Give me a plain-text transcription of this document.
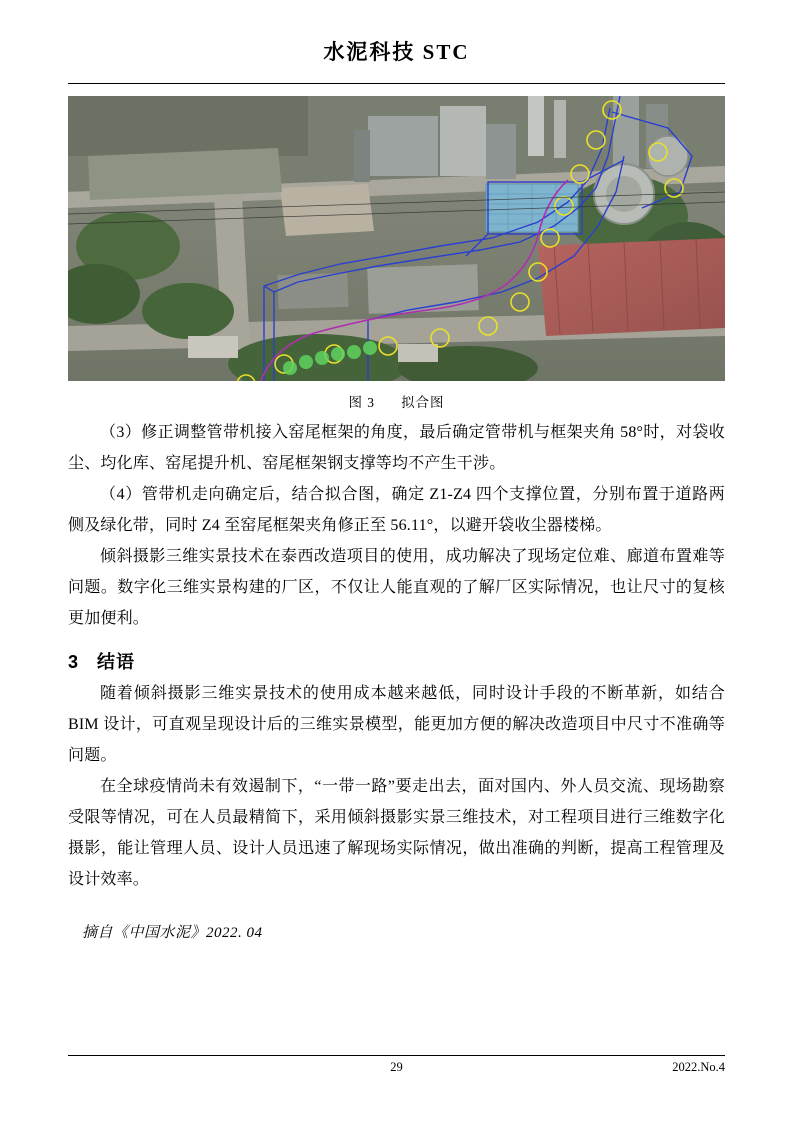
水泥科技 STC
图 3 拟合图

（3）修正调整管带机接入窑尾框架的角度，最后确定管带机与框架夹角 58°时，对袋收尘、均化库、窑尾提升机、窑尾框架钢支撑等均不产生干涉。

（4）管带机走向确定后，结合拟合图，确定 Z1-Z4 四个支撑位置，分别布置于道路两侧及绿化带，同时 Z4 至窑尾框架夹角修正至 56.11°，以避开袋收尘器楼梯。

倾斜摄影三维实景技术在泰西改造项目的使用，成功解决了现场定位难、廊道布置难等问题。数字化三维实景构建的厂区，不仅让人能直观的了解厂区实际情况，也让尺寸的复核更加便利。

3 结语

随着倾斜摄影三维实景技术的使用成本越来越低，同时设计手段的不断革新，如结合 BIM 设计，可直观呈现设计后的三维实景模型，能更加方便的解决改造项目中尺寸不准确等问题。

在全球疫情尚未有效遏制下，“一带一路”要走出去，面对国内、外人员交流、现场勘察受限等情况，可在人员最精简下，采用倾斜摄影实景三维技术，对工程项目进行三维数字化摄影，能让管理人员、设计人员迅速了解现场实际情况，做出准确的判断，提高工程管理及设计效率。

摘自《中国水泥》2022. 04
29	2022.No.4
